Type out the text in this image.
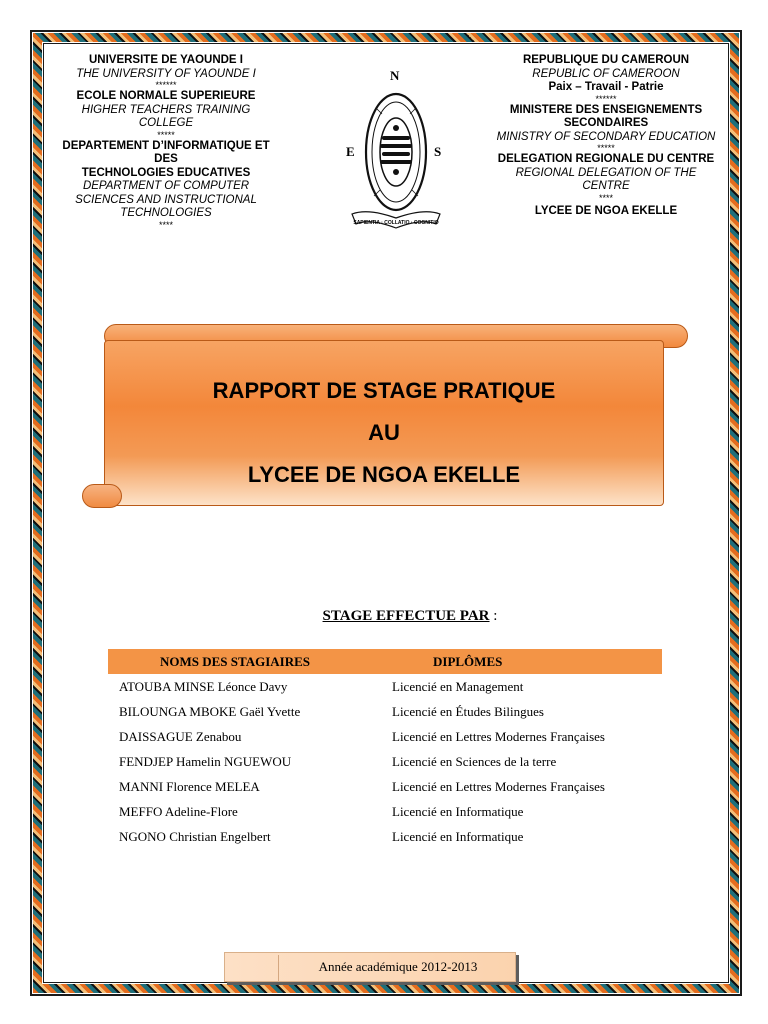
UNIVERSITE DE YAOUNDE I
THE UNIVERSITY OF YAOUNDE I
******
ECOLE NORMALE SUPERIEURE
HIGHER TEACHERS TRAINING COLLEGE
*****
DEPARTEMENT D’INFORMATIQUE ET DES
TECHNOLOGIES EDUCATIVES
DEPARTMENT OF COMPUTER SCIENCES AND INSTRUCTIONAL TECHNOLOGIES
****
REPUBLIQUE DU CAMEROUN
REPUBLIC OF CAMEROON
Paix – Travail - Patrie
******
MINISTERE DES ENSEIGNEMENTS SECONDAIRES
MINISTRY OF SECONDARY EDUCATION
*****
DELEGATION REGIONALE DU CENTRE
REGIONAL DELEGATION OF THE CENTRE
****
LYCEE DE NGOA EKELLE
N
E	S
SAPIENTIA · COLLATIO · COGNITIO
RAPPORT DE STAGE PRATIQUE
AU
LYCEE DE NGOA EKELLE
STAGE EFFECTUE PAR :
NOMS DES STAGIAIRES	DIPLÔMES
ATOUBA MINSE Léonce Davy	Licencié en Management
BILOUNGA MBOKE Gaël Yvette	Licencié en Études Bilingues
DAISSAGUE Zenabou	Licencié en Lettres Modernes Françaises
FENDJEP Hamelin NGUEWOU	Licencié en Sciences de la terre
MANNI Florence MELEA	Licencié en Lettres Modernes Françaises
MEFFO Adeline-Flore	Licencié en Informatique
NGONO Christian Engelbert	Licencié en Informatique
Année académique 2012-2013
